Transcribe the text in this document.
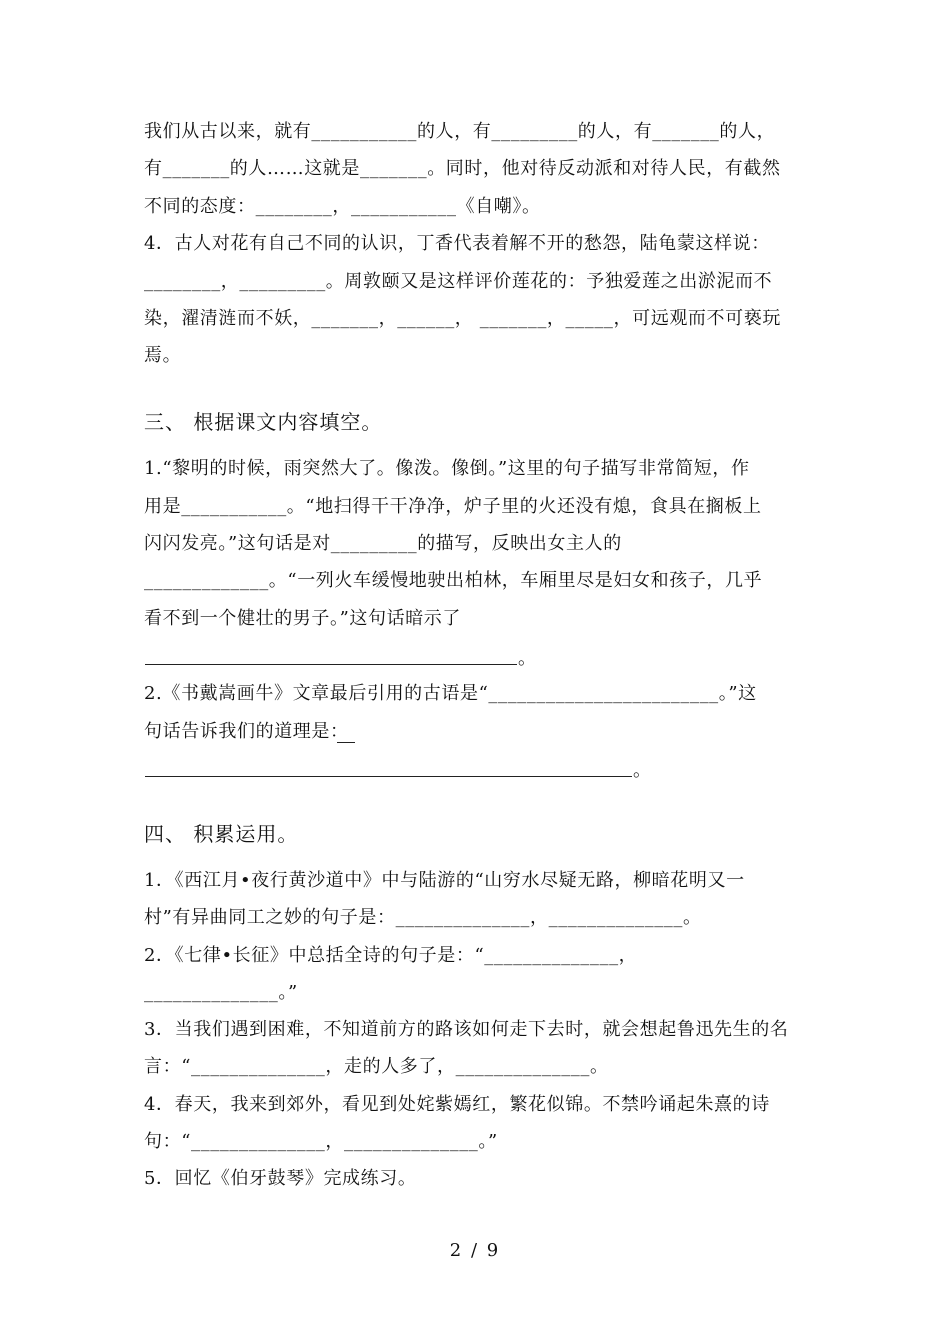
我们从古以来，就有___________的人，有_________的人，有_______的人，
有_______的人……这就是_______。同时，他对待反动派和对待人民，有截然
不同的态度：________，___________《自嘲》。
4．古人对花有自己不同的认识，丁香代表着解不开的愁怨，陆龟蒙这样说：
________，_________。周敦颐又是这样评价莲花的：予独爱莲之出淤泥而不
染，濯清涟而不妖，_______，______， _______，_____，可远观而不可亵玩
焉。
三、 根据课文内容填空。
1.“黎明的时候，雨突然大了。像泼。像倒。”这里的句子描写非常简短，作
用是___________。“地扫得干干净净，炉子里的火还没有熄，食具在搁板上
闪闪发亮。”这句话是对_________的描写，反映出女主人的
_____________。“一列火车缓慢地驶出柏林，车厢里尽是妇女和孩子，几乎
看不到一个健壮的男子。”这句话暗示了
。
2.《书戴嵩画牛》文章最后引用的古语是“________________________。”这
句话告诉我们的道理是：
。
四、 积累运用。
1．《西江月•夜行黄沙道中》中与陆游的“山穷水尽疑无路，柳暗花明又一
村”有异曲同工之妙的句子是：______________，______________。
2．《七律•长征》中总括全诗的句子是：“______________，
______________。”
3．当我们遇到困难，不知道前方的路该如何走下去时，就会想起鲁迅先生的名
言：“______________，走的人多了，______________。
4．春天，我来到郊外，看见到处姹紫嫣红，繁花似锦。不禁吟诵起朱熹的诗
句：“______________，______________。”
5．回忆《伯牙鼓琴》完成练习。
2 / 9
